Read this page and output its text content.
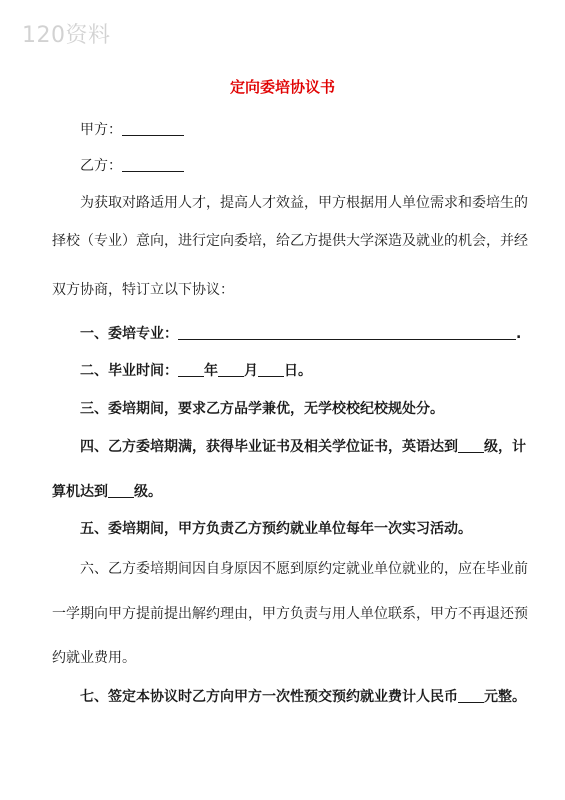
120资料
定向委培协议书
甲方：
乙方：
为获取对路适用人才，提高人才效益，甲方根据用人单位需求和委培生的
择校（专业）意向，进行定向委培，给乙方提供大学深造及就业的机会，并经
双方协商，特订立以下协议：
一、委培专业：	.
二、毕业时间： 年 月 日。
三、委培期间，要求乙方品学兼优，无学校校纪校规处分。
四、乙方委培期满，获得毕业证书及相关学位证书，英语达到 级，计
算机达到 级。
五、委培期间，甲方负责乙方预约就业单位每年一次实习活动。
六、乙方委培期间因自身原因不愿到原约定就业单位就业的，应在毕业前
一学期向甲方提前提出解约理由，甲方负责与用人单位联系，甲方不再退还预
约就业费用。
七、签定本协议时乙方向甲方一次性预交预约就业费计人民币 元整。
